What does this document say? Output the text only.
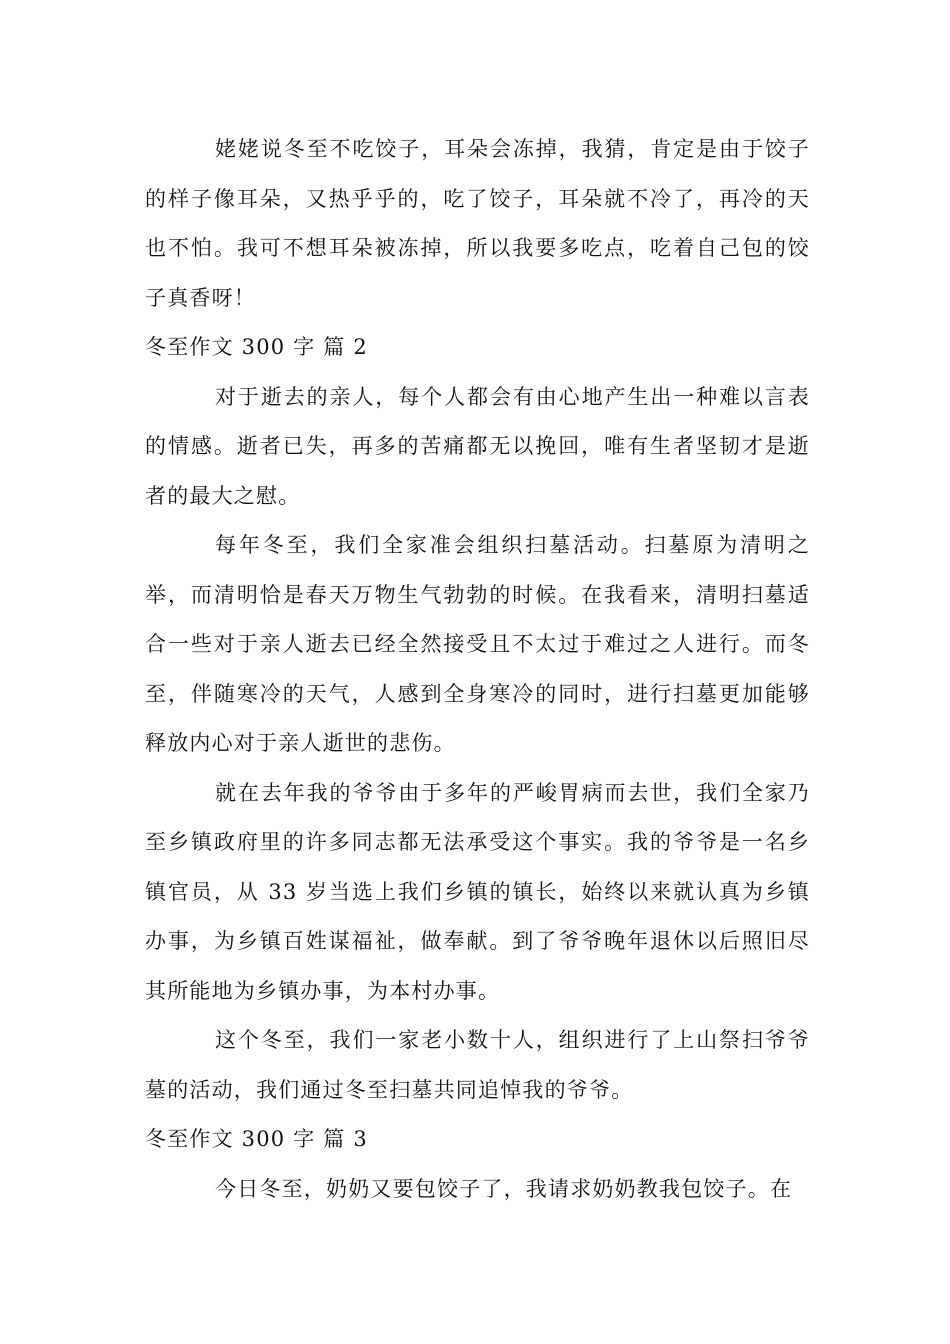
姥姥说冬至不吃饺子，耳朵会冻掉，我猜，肯定是由于饺子的样子像耳朵，又热乎乎的，吃了饺子，耳朵就不冷了，再冷的天也不怕。我可不想耳朵被冻掉，所以我要多吃点，吃着自己包的饺子真香呀！

冬至作文 300 字 篇 2

对于逝去的亲人，每个人都会有由心地产生出一种难以言表的情感。逝者已失，再多的苦痛都无以挽回，唯有生者坚韧才是逝者的最大之慰。

每年冬至，我们全家准会组织扫墓活动。扫墓原为清明之举，而清明恰是春天万物生气勃勃的时候。在我看来，清明扫墓适合一些对于亲人逝去已经全然接受且不太过于难过之人进行。而冬至，伴随寒冷的天气，人感到全身寒冷的同时，进行扫墓更加能够释放内心对于亲人逝世的悲伤。

就在去年我的爷爷由于多年的严峻胃病而去世，我们全家乃至乡镇政府里的许多同志都无法承受这个事实。我的爷爷是一名乡镇官员，从 33 岁当选上我们乡镇的镇长，始终以来就认真为乡镇办事，为乡镇百姓谋福祉，做奉献。到了爷爷晚年退休以后照旧尽其所能地为乡镇办事，为本村办事。

这个冬至，我们一家老小数十人，组织进行了上山祭扫爷爷墓的活动，我们通过冬至扫墓共同追悼我的爷爷。

冬至作文 300 字 篇 3

今日冬至，奶奶又要包饺子了，我请求奶奶教我包饺子。在
